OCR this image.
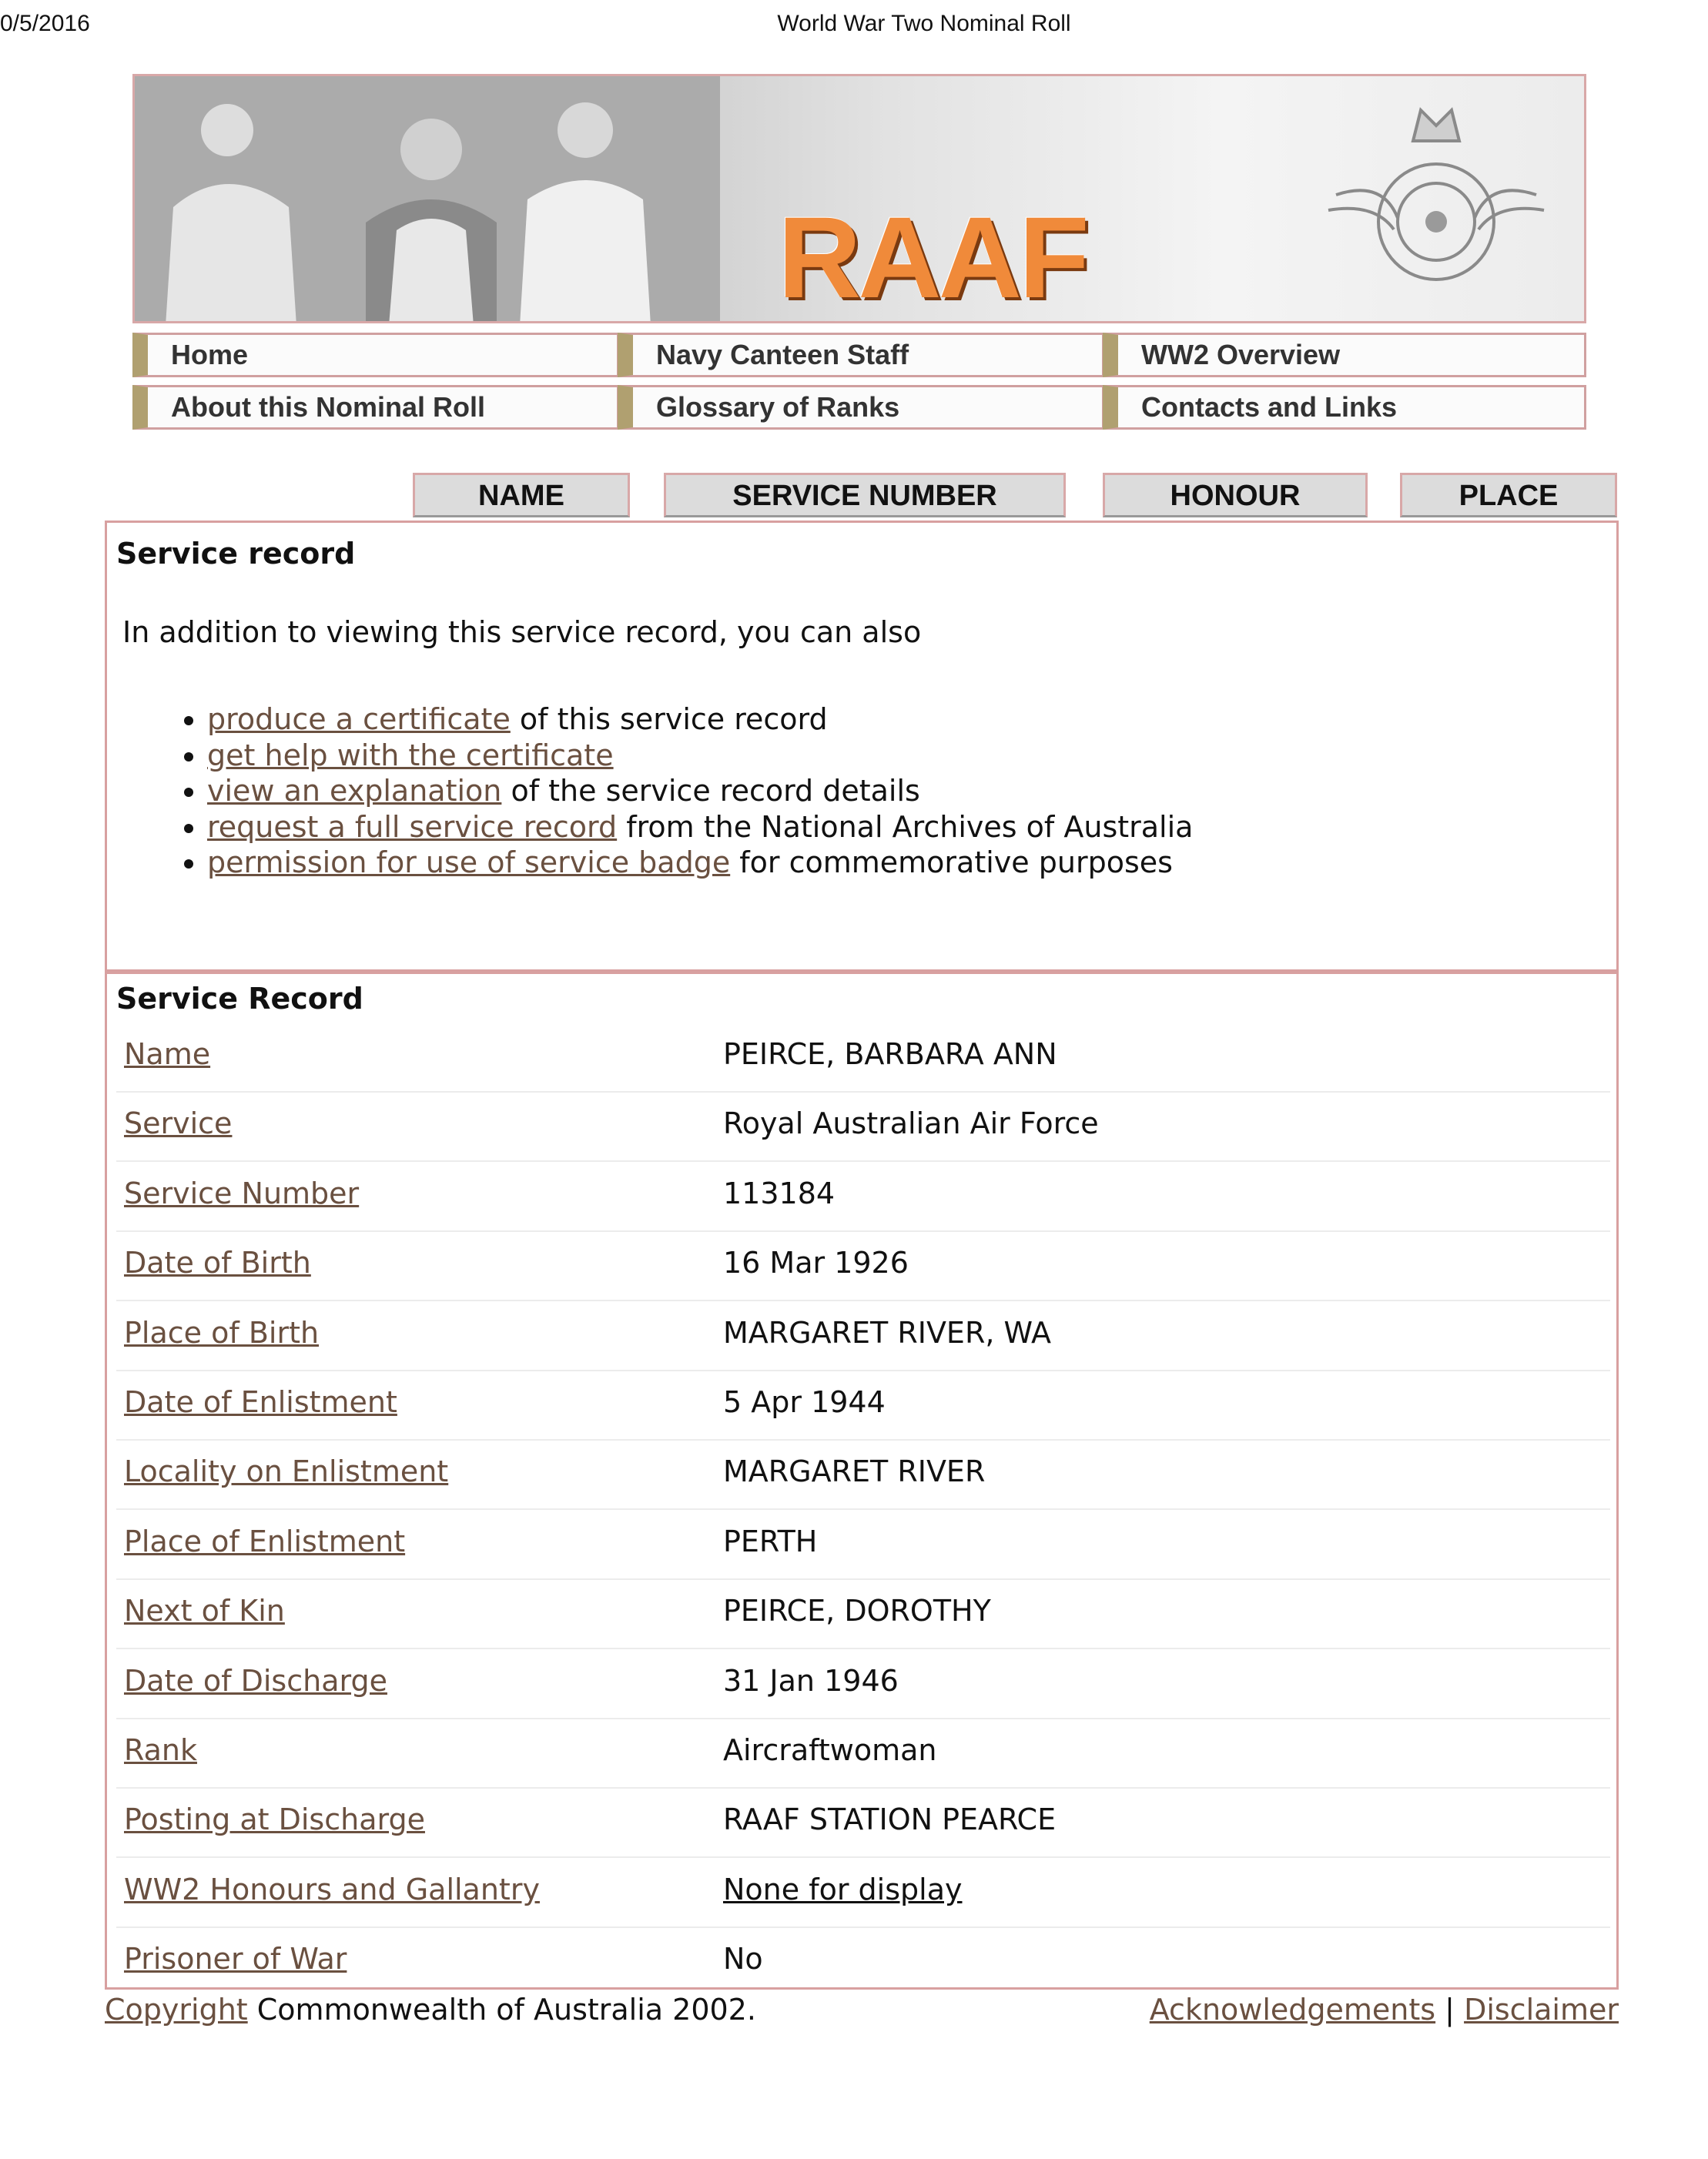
0/5/2016	World War Two Nominal Roll
RAAF
Home	Navy Canteen Staff	WW2 Overview
About this Nominal Roll	Glossary of Ranks	Contacts and Links
NAME	SERVICE NUMBER	HONOUR	PLACE
Service record
In addition to viewing this service record, you can also
• produce a certificate of this service record
• get help with the certificate
• view an explanation of the service record details
• request a full service record from the National Archives of Australia
• permission for use of service badge for commemorative purposes
Service Record
Name	PEIRCE, BARBARA ANN
Service	Royal Australian Air Force
Service Number	113184
Date of Birth	16 Mar 1926
Place of Birth	MARGARET RIVER, WA
Date of Enlistment	5 Apr 1944
Locality on Enlistment	MARGARET RIVER
Place of Enlistment	PERTH
Next of Kin	PEIRCE, DOROTHY
Date of Discharge	31 Jan 1946
Rank	Aircraftwoman
Posting at Discharge	RAAF STATION PEARCE
WW2 Honours and Gallantry	None for display
Prisoner of War	No
Copyright Commonwealth of Australia 2002.	Acknowledgements | Disclaimer
